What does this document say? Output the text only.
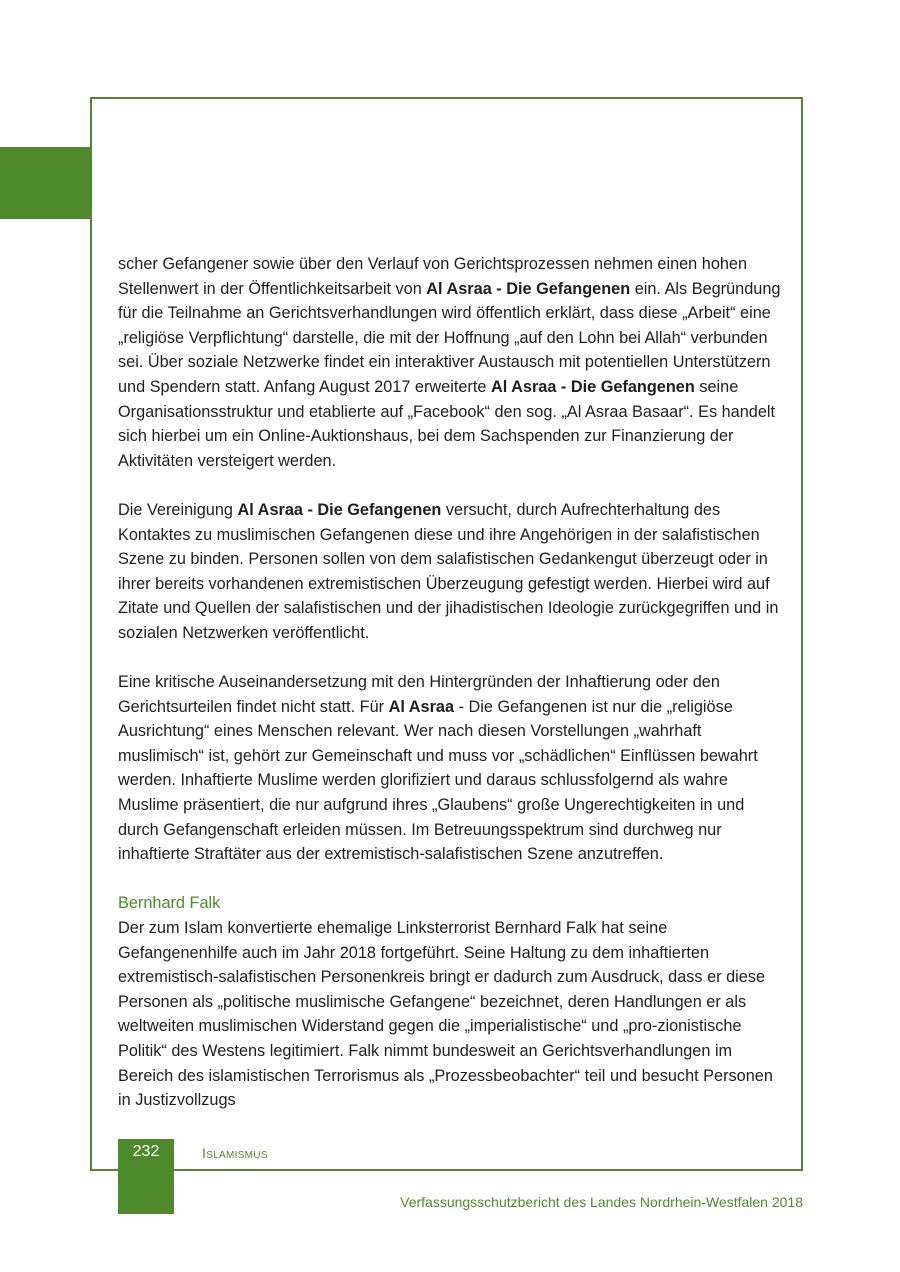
scher Gefangener sowie über den Verlauf von Gerichtsprozessen nehmen einen hohen Stellenwert in der Öffentlichkeitsarbeit von Al Asraa - Die Gefangenen ein. Als Begründung für die Teilnahme an Gerichtsverhandlungen wird öffentlich erklärt, dass diese „Arbeit“ eine „religiöse Verpflichtung“ darstelle, die mit der Hoffnung „auf den Lohn bei Allah“ verbunden sei. Über soziale Netzwerke findet ein interaktiver Austausch mit potentiellen Unterstützern und Spendern statt. Anfang August 2017 erweiterte Al Asraa - Die Gefangenen seine Organisationsstruktur und etablierte auf „Facebook“ den sog. „Al Asraa Basaar“. Es handelt sich hierbei um ein Online-Auktionshaus, bei dem Sachspenden zur Finanzierung der Aktivitäten versteigert werden.

Die Vereinigung Al Asraa - Die Gefangenen versucht, durch Aufrechterhaltung des Kontaktes zu muslimischen Gefangenen diese und ihre Angehörigen in der salafistischen Szene zu binden. Personen sollen von dem salafistischen Gedankengut überzeugt oder in ihrer bereits vorhandenen extremistischen Überzeugung gefestigt werden. Hierbei wird auf Zitate und Quellen der salafistischen und der jihadistischen Ideologie zurückgegriffen und in sozialen Netzwerken veröffentlicht.

Eine kritische Auseinandersetzung mit den Hintergründen der Inhaftierung oder den Gerichtsurteilen findet nicht statt. Für Al Asraa - Die Gefangenen ist nur die „religiöse Ausrichtung“ eines Menschen relevant. Wer nach diesen Vorstellungen „wahrhaft muslimisch“ ist, gehört zur Gemeinschaft und muss vor „schädlichen“ Einflüssen bewahrt werden. Inhaftierte Muslime werden glorifiziert und daraus schlussfolgernd als wahre Muslime präsentiert, die nur aufgrund ihres „Glaubens“ große Ungerechtigkeiten in und durch Gefangenschaft erleiden müssen. Im Betreuungsspektrum sind durchweg nur inhaftierte Straftäter aus der extremistisch-salafistischen Szene anzutreffen.

Bernhard Falk

Der zum Islam konvertierte ehemalige Linksterrorist Bernhard Falk hat seine Gefangenenhilfe auch im Jahr 2018 fortgeführt. Seine Haltung zu dem inhaftierten extremistisch-salafistischen Personenkreis bringt er dadurch zum Ausdruck, dass er diese Personen als „politische muslimische Gefangene“ bezeichnet, deren Handlungen er als weltweiten muslimischen Widerstand gegen die „imperialistische“ und „pro-zionistische Politik“ des Westens legitimiert. Falk nimmt bundesweit an Gerichtsverhandlungen im Bereich des islamistischen Terrorismus als „Prozessbeobachter“ teil und besucht Personen in Justizvollzugs

232	Islamismus
Verfassungsschutzbericht des Landes Nordrhein-Westfalen 2018
